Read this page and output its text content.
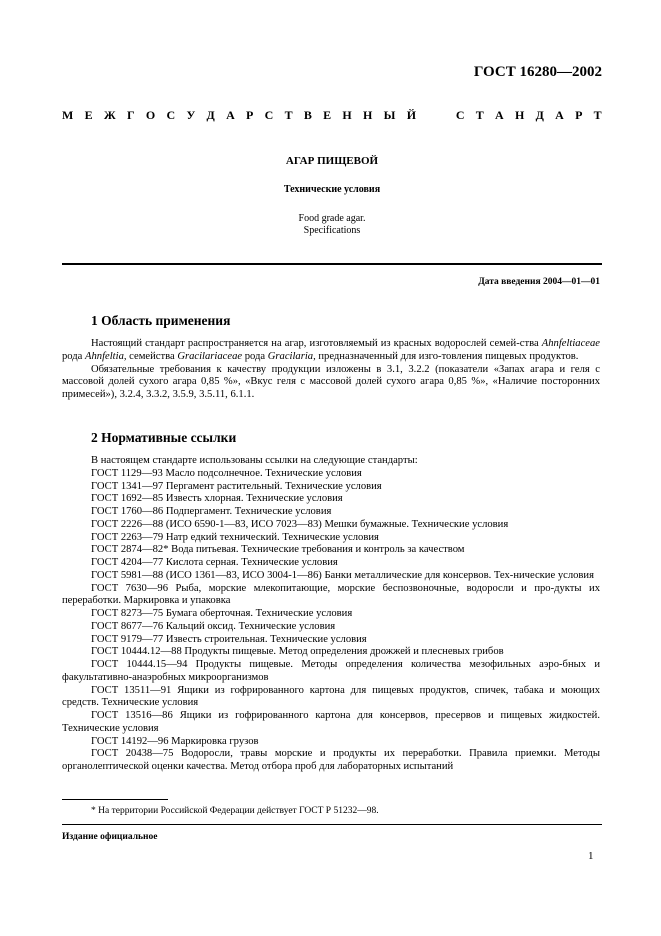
ГОСТ 16280—2002
М Е Ж Г О С У Д А Р С Т В Е Н Н Ы Й

	С Т А Н Д А Р Т
АГАР ПИЩЕВОЙ
Технические условия
Food grade agar.
Specifications
Дата введения 2004—01—01
1 Область применения

Настоящий стандарт распространяется на агар, изготовляемый из красных водорослей семей-ства Ahnfeltiaceae рода Ahnfeltia, семейства Gracilariaceae рода Gracilaria, предназначенный для изго-товления пищевых продуктов.

Обязательные требования к качеству продукции изложены в 3.1, 3.2.2 (показатели «Запах агара и геля с массовой долей сухого агара 0,85 %», «Вкус геля с массовой долей сухого агара 0,85 %», «Наличие посторонних примесей»), 3.2.4, 3.3.2, 3.5.9, 3.5.11, 6.1.1.

2 Нормативные ссылки

В настоящем стандарте использованы ссылки на следующие стандарты:

ГОСТ 1129—93 Масло подсолнечное. Технические условия

ГОСТ 1341—97 Пергамент растительный. Технические условия

ГОСТ 1692—85 Известь хлорная. Технические условия

ГОСТ 1760—86 Подпергамент. Технические условия

ГОСТ 2226—88 (ИСО 6590-1—83, ИСО 7023—83) Мешки бумажные. Технические условия

ГОСТ 2263—79 Натр едкий технический. Технические условия

ГОСТ 2874—82* Вода питьевая. Технические требования и контроль за качеством

ГОСТ 4204—77 Кислота серная. Технические условия

ГОСТ 5981—88 (ИСО 1361—83, ИСО 3004-1—86) Банки металлические для консервов. Тех-нические условия

ГОСТ 7630—96 Рыба, морские млекопитающие, морские беспозвоночные, водоросли и про-дукты их переработки. Маркировка и упаковка

ГОСТ 8273—75 Бумага оберточная. Технические условия

ГОСТ 8677—76 Кальций оксид. Технические условия

ГОСТ 9179—77 Известь строительная. Технические условия

ГОСТ 10444.12—88 Продукты пищевые. Метод определения дрожжей и плесневых грибов

ГОСТ 10444.15—94 Продукты пищевые. Методы определения количества мезофильных аэро-бных и факультативно-анаэробных микроорганизмов

ГОСТ 13511—91 Ящики из гофрированного картона для пищевых продуктов, спичек, табака и моющих средств. Технические условия

ГОСТ 13516—86 Ящики из гофрированного картона для консервов, пресервов и пищевых жидкостей. Технические условия

ГОСТ 14192—96 Маркировка грузов

ГОСТ 20438—75 Водоросли, травы морские и продукты их переработки. Правила приемки. Методы органолептической оценки качества. Метод отбора проб для лабораторных испытаний

* На территории Российской Федерации действует ГОСТ Р 51232—98.
Издание официальное
1
